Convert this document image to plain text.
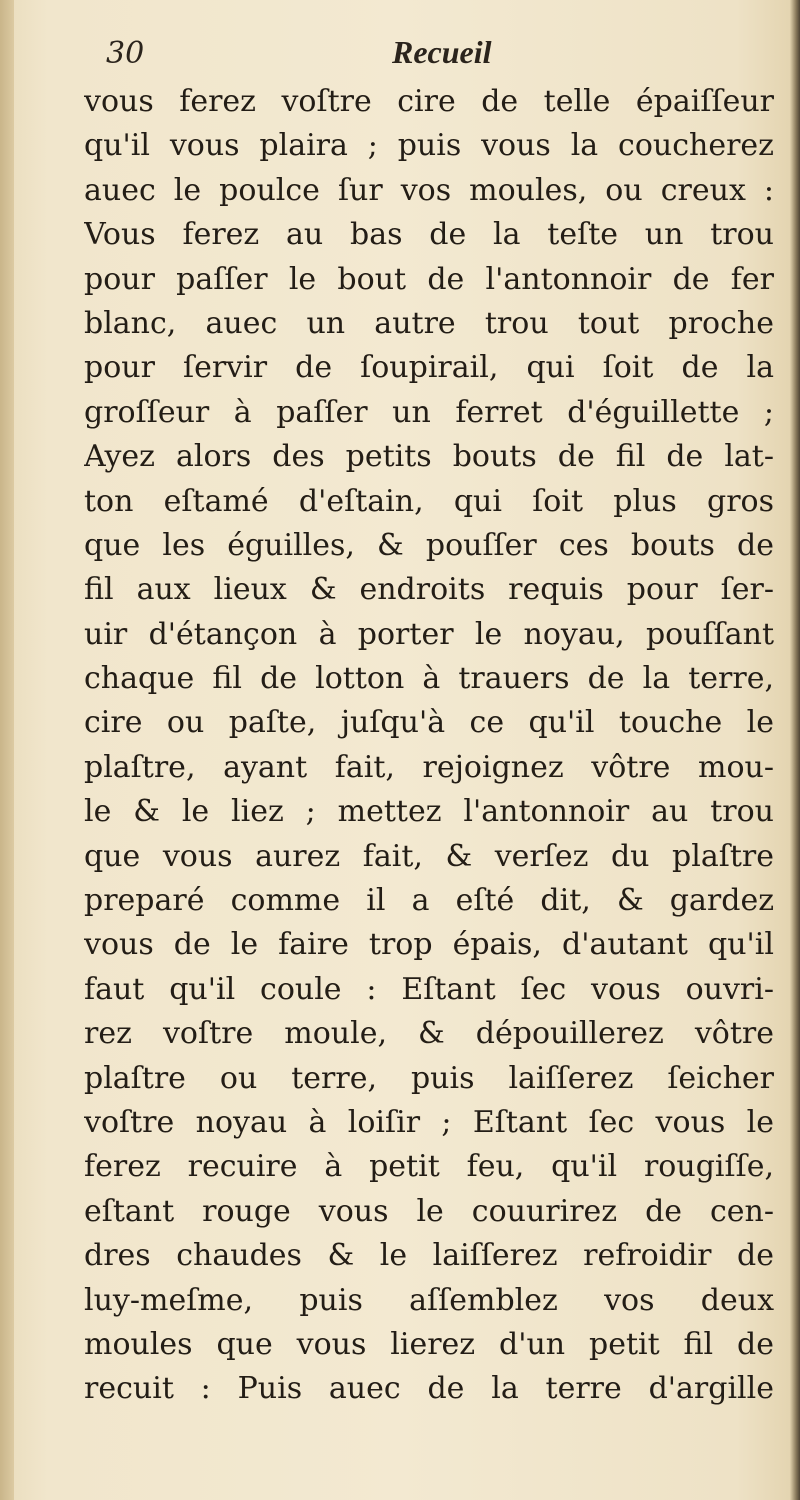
30	Recueil
vous ferez voſtre cire de telle épaiſſeur
qu'il vous plaira ; puis vous la coucherez
auec le poulce ſur vos moules, ou creux :
Vous ferez au bas de la teſte un trou
pour paſſer le bout de l'antonnoir de fer
blanc, auec un autre trou tout proche
pour ſervir de ſoupirail, qui ſoit de la
groſſeur à paſſer un ferret d'éguillette ;
Ayez alors des petits bouts de fil de lat-
ton eſtamé d'eſtain, qui ſoit plus gros
que les éguilles, & pouſſer ces bouts de
fil aux lieux & endroits requis pour ſer-
uir d'étançon à porter le noyau, pouſſant
chaque fil de lotton à trauers de la terre,
cire ou paſte, juſqu'à ce qu'il touche le
plaſtre, ayant fait, rejoignez vôtre mou-
le & le liez ; mettez l'antonnoir au trou
que vous aurez fait, & verſez du plaſtre
preparé comme il a eſté dit, & gardez
vous de le faire trop épais, d'autant qu'il
faut qu'il coule : Eſtant ſec vous ouvri-
rez voſtre moule, & dépouillerez vôtre
plaſtre ou terre, puis laiſſerez ſeicher
voſtre noyau à loiſir ; Eſtant ſec vous le
ferez recuire à petit feu, qu'il rougiſſe,
eſtant rouge vous le couurirez de cen-
dres chaudes & le laiſſerez refroidir de
luy-meſme, puis aſſemblez vos deux
moules que vous lierez d'un petit fil de
recuit : Puis auec de la terre d'argille
